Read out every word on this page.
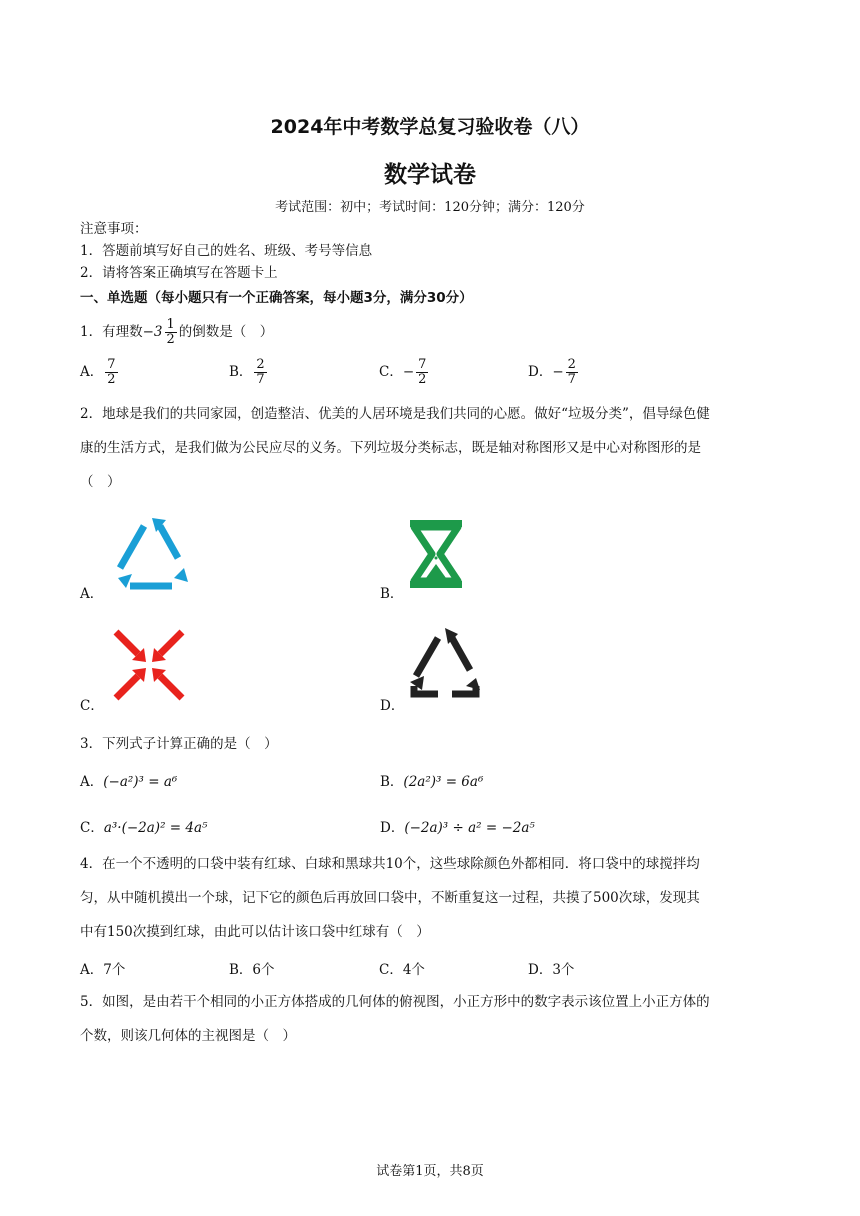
2024年中考数学总复习验收卷（八）
数学试卷
考试范围：初中；考试时间：120分钟；满分：120分
注意事项：
1．答题前填写好自己的姓名、班级、考号等信息
2．请将答案正确填写在答题卡上
一、单选题（每小题只有一个正确答案，每小题3分，满分30分）
1．有理数$-3 \frac{1}{2}$ 的倒数是（　）
A． $\frac{7}{2}$	B． $\frac{2}{7}$	C．− $\frac{7}{2}$	D．− $\frac{2}{7}$
2．地球是我们的共同家园，创造整洁、优美的人居环境是我们共同的心愿。做好“垃圾分类”，倡导绿色健
康的生活方式，是我们做为公民应尽的义务。下列垃圾分类标志，既是轴对称图形又是中心对称图形的是
（　）
A．	B．
C．	D．
3．下列式子计算正确的是（　）
A．(−a²)³ = a⁶	B．(2a²)³ = 6a⁶
C．a³·(−2a)² = 4a⁵	D．(−2a)³ ÷ a² = −2a⁵
4．在一个不透明的口袋中装有红球、白球和黑球共10个，这些球除颜色外都相同．将口袋中的球搅拌均
匀，从中随机摸出一个球，记下它的颜色后再放回口袋中，不断重复这一过程，共摸了500次球，发现其
中有150次摸到红球，由此可以估计该口袋中红球有（　）
A．7个	B．6个	C．4个	D．3个
5．如图，是由若干个相同的小正方体搭成的几何体的俯视图，小正方形中的数字表示该位置上小正方体的
个数，则该几何体的主视图是（　）
试卷第1页，共8页
